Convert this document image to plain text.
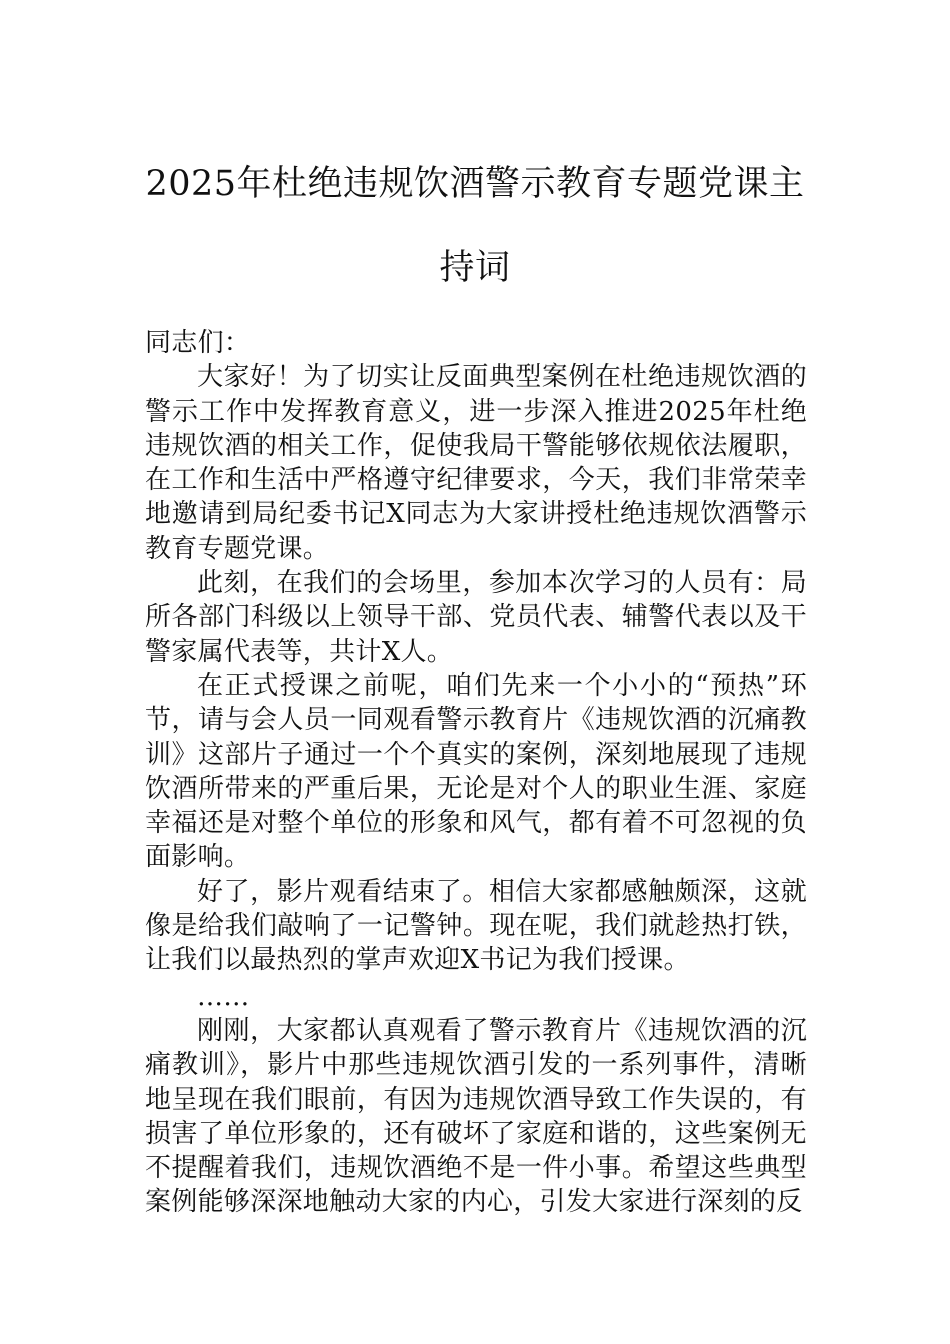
2025年杜绝违规饮酒警示教育专题党课主
持词

同志们：

大家好！为了切实让反面典型案例在杜绝违规饮酒的警示工作中发挥教育意义，进一步深入推进2025年杜绝违规饮酒的相关工作，促使我局干警能够依规依法履职，在工作和生活中严格遵守纪律要求，今天，我们非常荣幸地邀请到局纪委书记X同志为大家讲授杜绝违规饮酒警示教育专题党课。

此刻，在我们的会场里，参加本次学习的人员有：局所各部门科级以上领导干部、党员代表、辅警代表以及干警家属代表等，共计X人。

在正式授课之前呢，咱们先来一个小小的“预热”环节，请与会人员一同观看警示教育片《违规饮酒的沉痛教训》这部片子通过一个个真实的案例，深刻地展现了违规饮酒所带来的严重后果，无论是对个人的职业生涯、家庭幸福还是对整个单位的形象和风气，都有着不可忽视的负面影响。

好了，影片观看结束了。相信大家都感触颇深，这就像是给我们敲响了一记警钟。现在呢，我们就趁热打铁，让我们以最热烈的掌声欢迎X书记为我们授课。

……

刚刚，大家都认真观看了警示教育片《违规饮酒的沉痛教训》，影片中那些违规饮酒引发的一系列事件，清晰地呈现在我们眼前，有因为违规饮酒导致工作失误的，有损害了单位形象的，还有破坏了家庭和谐的，这些案例无不提醒着我们，违规饮酒绝不是一件小事。希望这些典型案例能够深深地触动大家的内心，引发大家进行深刻的反
